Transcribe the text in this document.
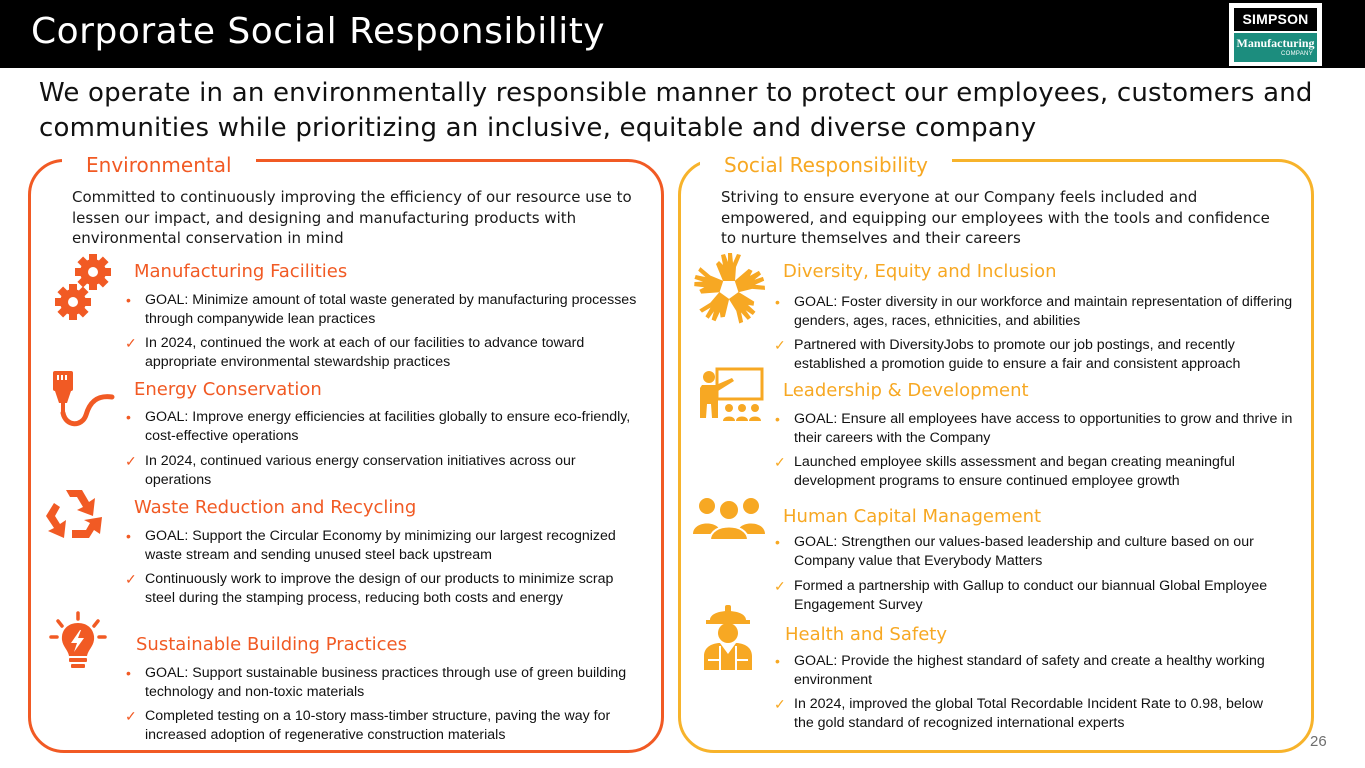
Corporate Social Responsibility	SIMPSON
Manufacturing
COMPANY
We operate in an environmentally responsible manner to protect our employees, customers and communities while prioritizing an inclusive, equitable and diverse company
Environmental	Social Responsibility
Committed to continuously improving the efficiency of our resource use to lessen our impact, and designing and manufacturing products with environmental conservation in mind
Striving to ensure everyone at our Company feels included and empowered, and equipping our employees with the tools and confidence to nurture themselves and their careers
Manufacturing Facilities
• GOAL: Minimize amount of total waste generated by manufacturing processes through companywide lean practices
✓ In 2024, continued the work at each of our facilities to advance toward appropriate environmental stewardship practices
Energy Conservation
• GOAL: Improve energy efficiencies at facilities globally to ensure eco-friendly, cost-effective operations
✓ In 2024, continued various energy conservation initiatives across our operations
Waste Reduction and Recycling
• GOAL: Support the Circular Economy by minimizing our largest recognized waste stream and sending unused steel back upstream
✓ Continuously work to improve the design of our products to minimize scrap steel during the stamping process, reducing both costs and energy
Sustainable Building Practices
• GOAL: Support sustainable business practices through use of green building technology and non-toxic materials
✓ Completed testing on a 10-story mass-timber structure, paving the way for increased adoption of regenerative construction materials
Diversity, Equity and Inclusion
• GOAL: Foster diversity in our workforce and maintain representation of differing genders, ages, races, ethnicities, and abilities
✓ Partnered with DiversityJobs to promote our job postings, and recently established a promotion guide to ensure a fair and consistent approach
Leadership & Development
• GOAL: Ensure all employees have access to opportunities to grow and thrive in their careers with the Company
✓ Launched employee skills assessment and began creating meaningful development programs to ensure continued employee growth
Human Capital Management
• GOAL: Strengthen our values-based leadership and culture based on our Company value that Everybody Matters
✓ Formed a partnership with Gallup to conduct our biannual Global Employee Engagement Survey
Health and Safety
• GOAL: Provide the highest standard of safety and create a healthy working environment
✓ In 2024, improved the global Total Recordable Incident Rate to 0.98, below the gold standard of recognized international experts
26
